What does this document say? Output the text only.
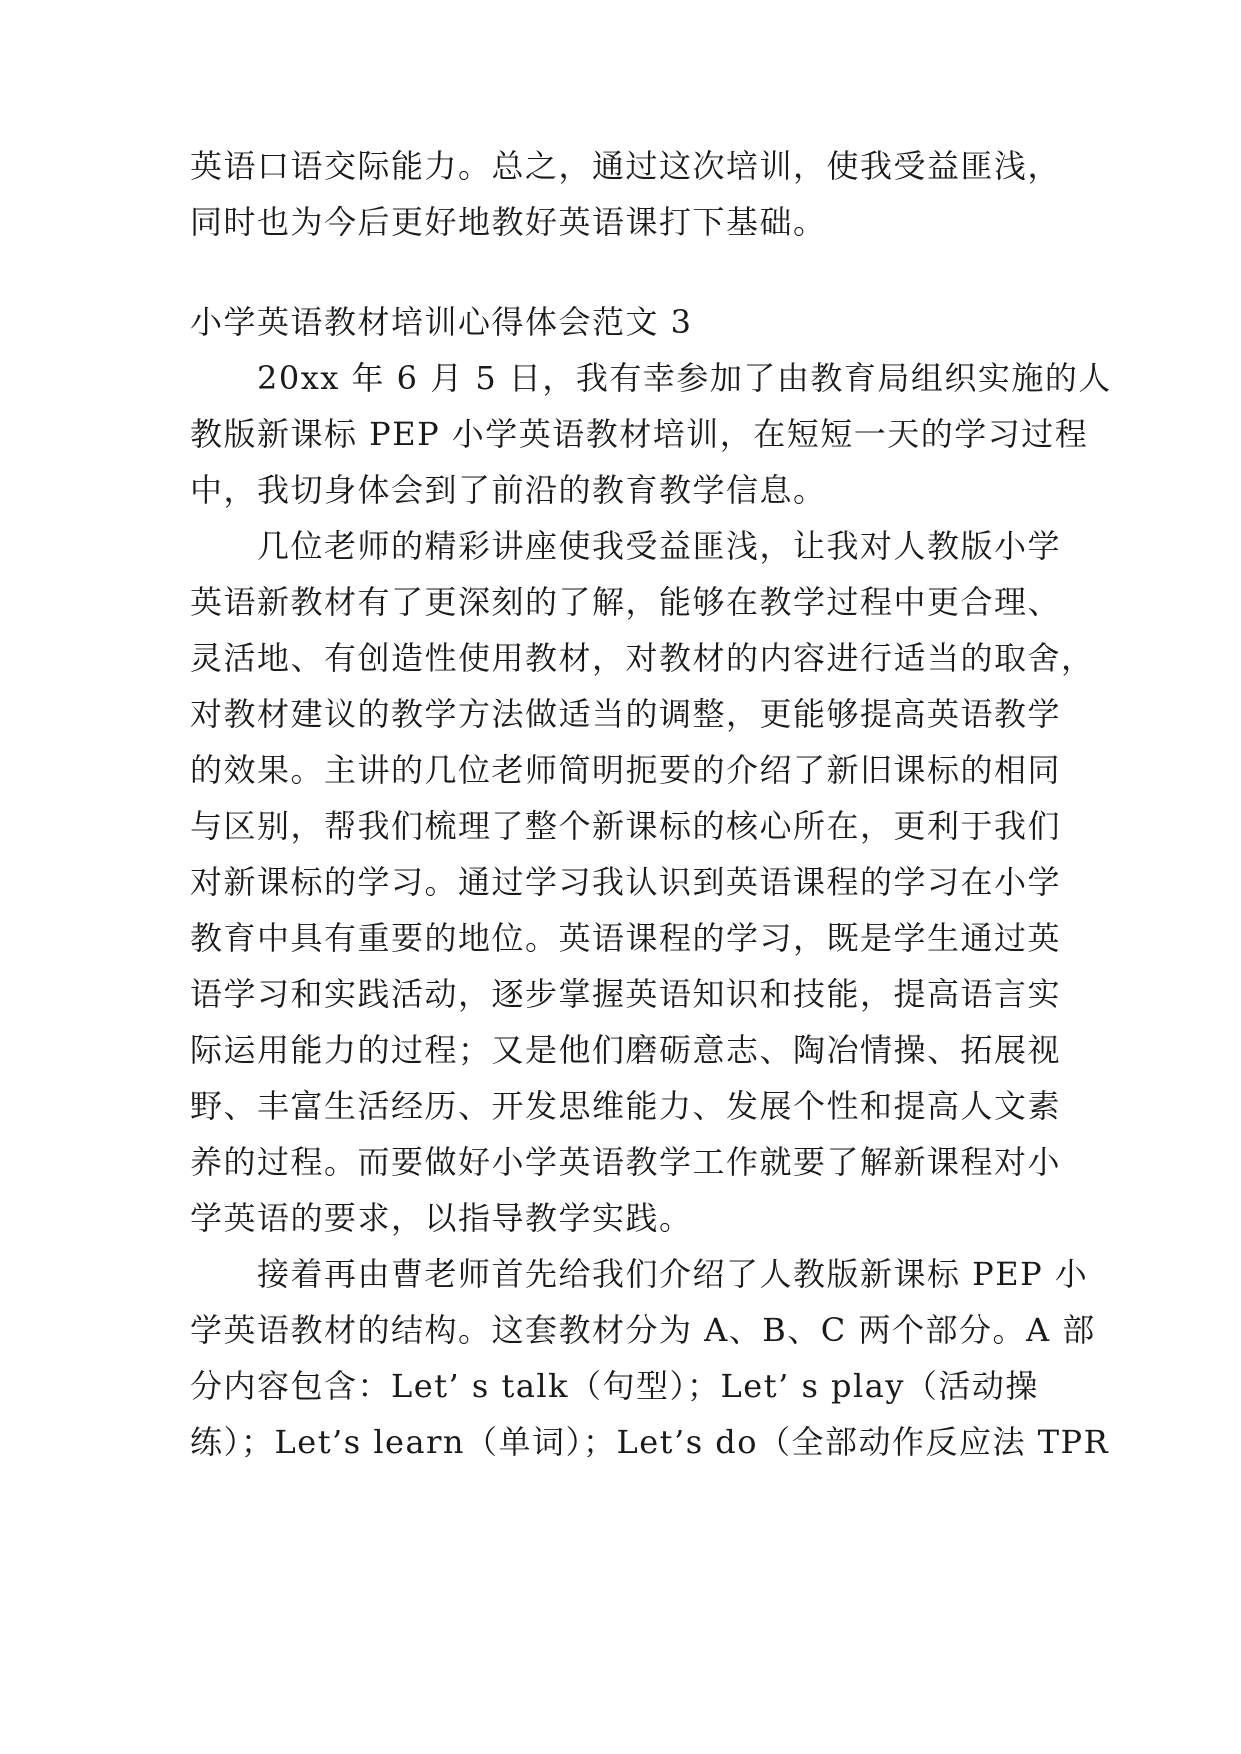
英语口语交际能力。总之，通过这次培训，使我受益匪浅，
同时也为今后更好地教好英语课打下基础。
小学英语教材培训心得体会范文 3
　　20xx 年 6 月 5 日，我有幸参加了由教育局组织实施的人
教版新课标 PEP 小学英语教材培训，在短短一天的学习过程
中，我切身体会到了前沿的教育教学信息。
　　几位老师的精彩讲座使我受益匪浅，让我对人教版小学
英语新教材有了更深刻的了解，能够在教学过程中更合理、
灵活地、有创造性使用教材，对教材的内容进行适当的取舍，
对教材建议的教学方法做适当的调整，更能够提高英语教学
的效果。主讲的几位老师简明扼要的介绍了新旧课标的相同
与区别，帮我们梳理了整个新课标的核心所在，更利于我们
对新课标的学习。通过学习我认识到英语课程的学习在小学
教育中具有重要的地位。英语课程的学习，既是学生通过英
语学习和实践活动，逐步掌握英语知识和技能，提高语言实
际运用能力的过程；又是他们磨砺意志、陶冶情操、拓展视
野、丰富生活经历、开发思维能力、发展个性和提高人文素
养的过程。而要做好小学英语教学工作就要了解新课程对小
学英语的要求，以指导教学实践。
　　接着再由曹老师首先给我们介绍了人教版新课标 PEP 小
学英语教材的结构。这套教材分为 A、B、C 两个部分。A 部
分内容包含：Let’ s talk（句型）；Let’ s play（活动操
练）；Let’s learn（单词）；Let’s do（全部动作反应法 TPR
